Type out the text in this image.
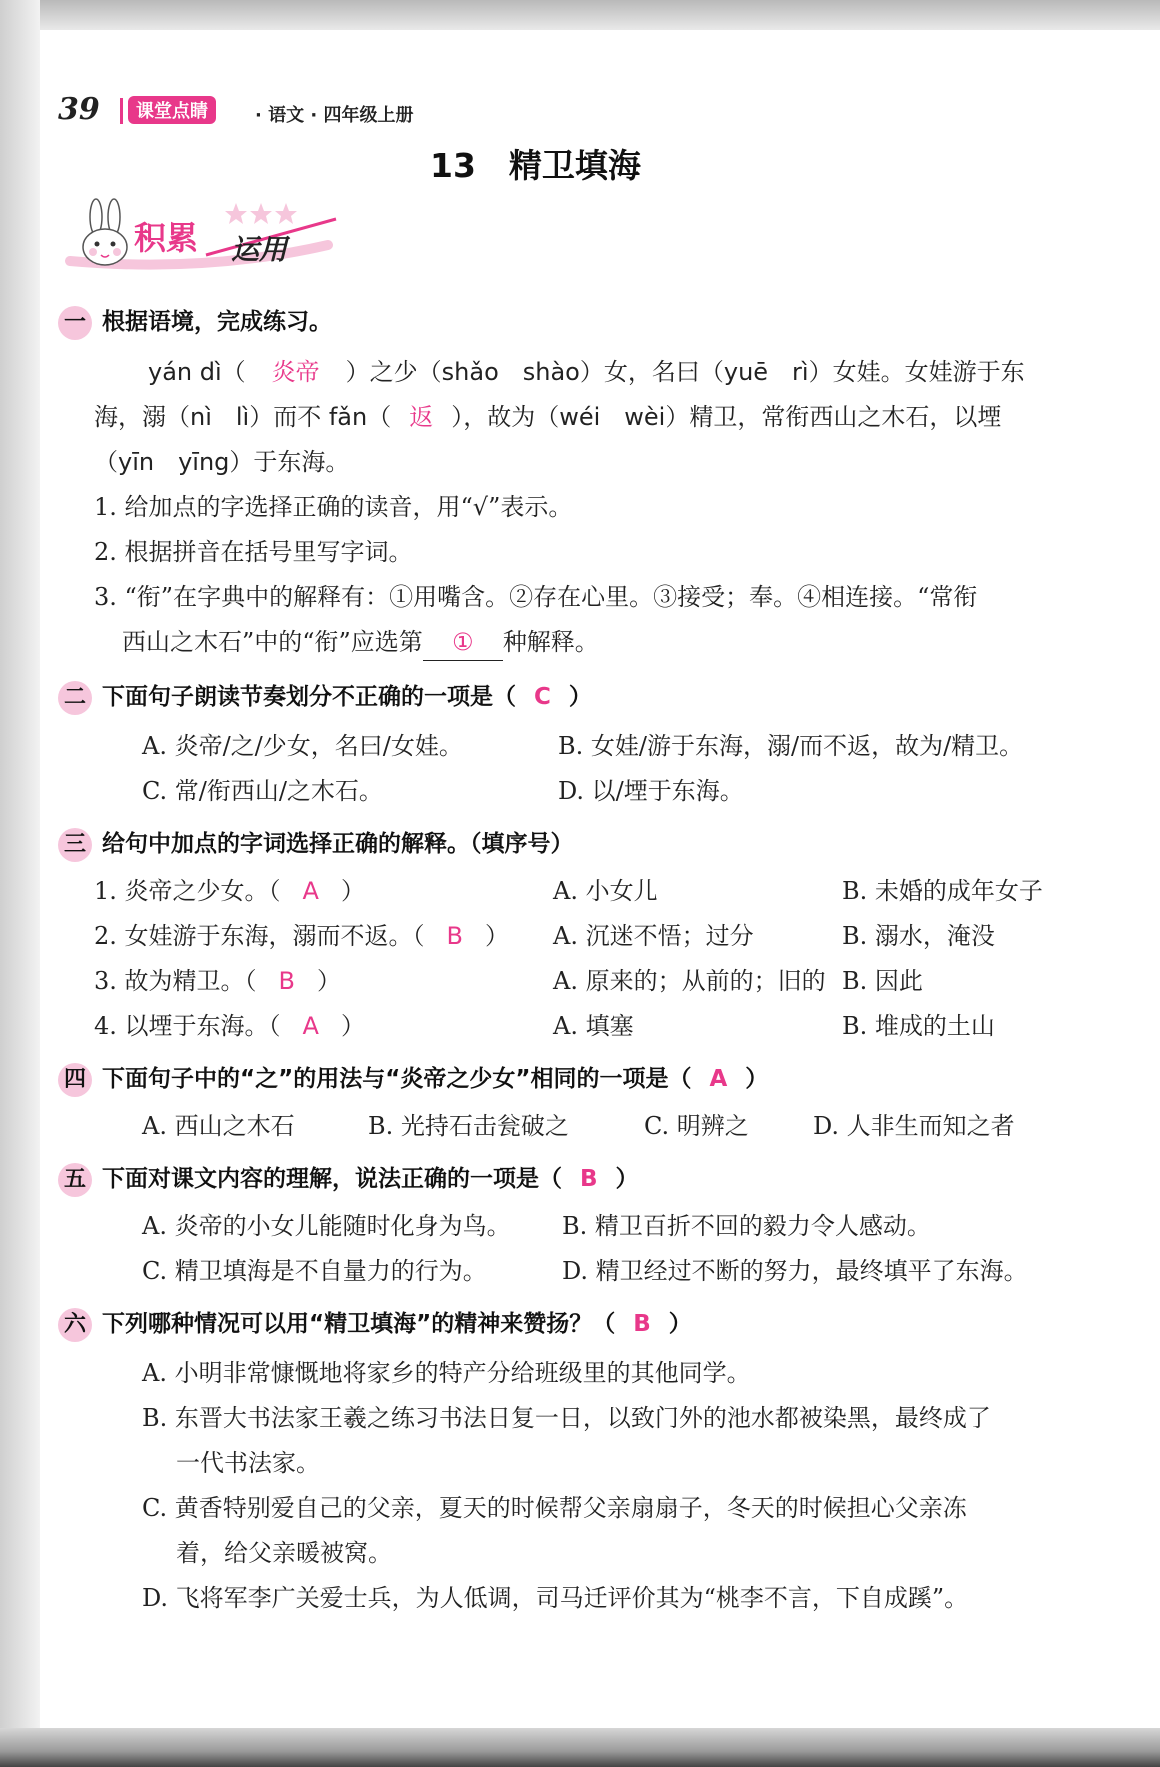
39	课堂点睛	· 语文 · 四年级上册
13　精卫填海
积累 运用
一 根据语境，完成练习。
yán dì（ 炎帝 ）之少（shǎo　shào）女，名曰（yuē　rì）女娃。女娃游于东
海，溺（nì　lì）而不 fǎn（ 返 ），故为（wéi　wèi）精卫，常衔西山之木石，以堙
（yīn　yīng）于东海。
1. 给加点的字选择正确的读音，用“√”表示。
2. 根据拼音在括号里写字词。
3. “衔”在字典中的解释有：①用嘴含。②存在心里。③接受；奉。④相连接。“常衔
西山之木石”中的“衔”应选第 ① 种解释。
二 下面句子朗读节奏划分不正确的一项是（ C ）
A. 炎帝/之/少女，名曰/女娃。	B. 女娃/游于东海，溺/而不返，故为/精卫。
C. 常/衔西山/之木石。	D. 以/堙于东海。
三 给句中加点的字词选择正确的解释。（填序号）
1. 炎帝之少女。（ A ）	A. 小女儿	B. 未婚的成年女子
2. 女娃游于东海，溺而不返。（ B ） A. 沉迷不悟；过分	B. 溺水，淹没
3. 故为精卫。（ B ）	A. 原来的；从前的；旧的 B. 因此
4. 以堙于东海。（ A ）	A. 填塞	B. 堆成的土山
四 下面句子中的“之”的用法与“炎帝之少女”相同的一项是（ A ）
A. 西山之木石	B. 光持石击瓮破之	C. 明辨之	D. 人非生而知之者
五 下面对课文内容的理解，说法正确的一项是（ B ）
A. 炎帝的小女儿能随时化身为鸟。 B. 精卫百折不回的毅力令人感动。
C. 精卫填海是不自量力的行为。	D. 精卫经过不断的努力，最终填平了东海。
六 下列哪种情况可以用“精卫填海”的精神来赞扬？（ B ）
A. 小明非常慷慨地将家乡的特产分给班级里的其他同学。
B. 东晋大书法家王羲之练习书法日复一日，以致门外的池水都被染黑，最终成了
一代书法家。
C. 黄香特别爱自己的父亲，夏天的时候帮父亲扇扇子，冬天的时候担心父亲冻
着，给父亲暖被窝。
D. 飞将军李广关爱士兵，为人低调，司马迁评价其为“桃李不言，下自成蹊”。
